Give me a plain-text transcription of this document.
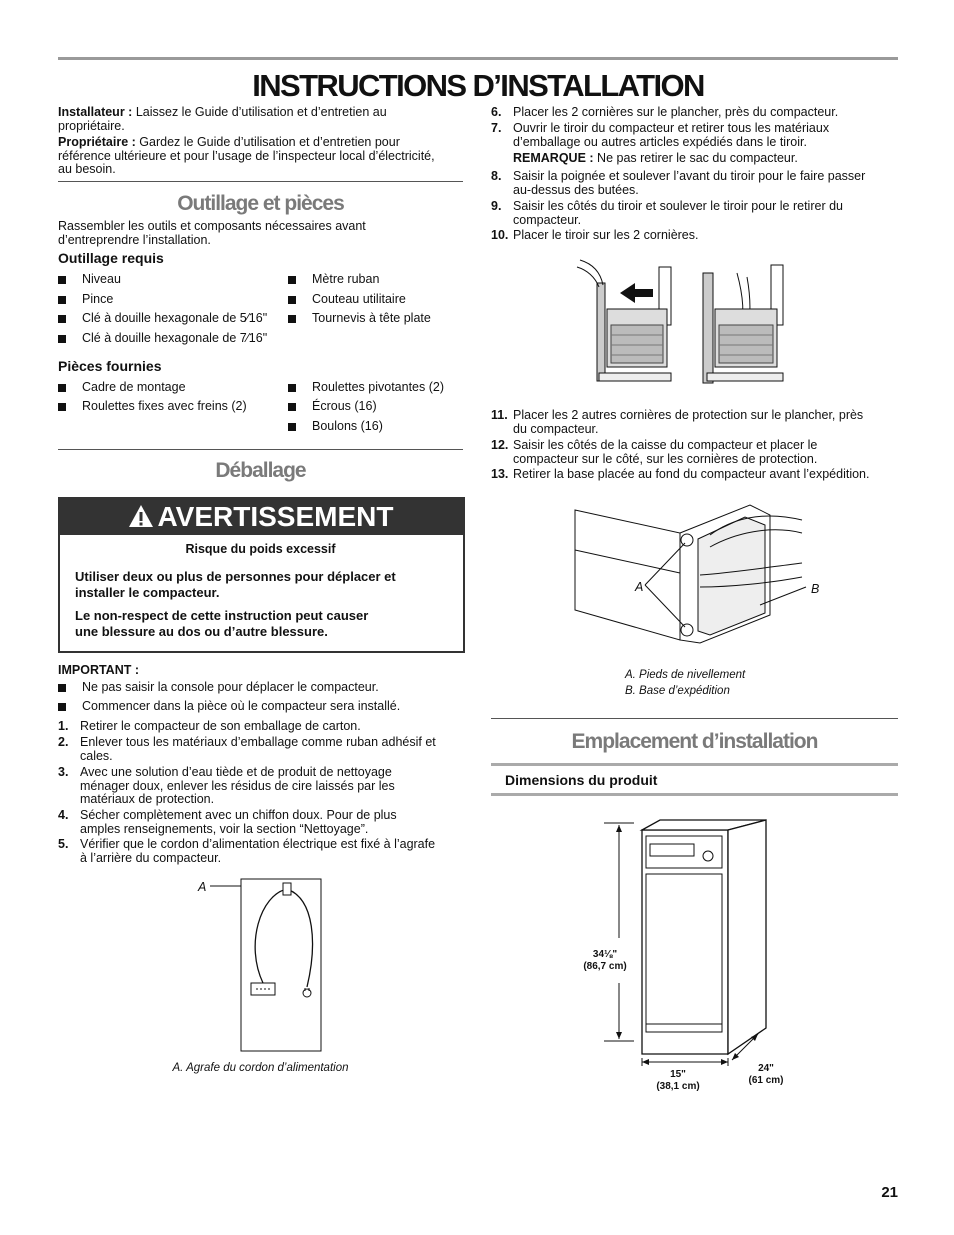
INSTRUCTIONS D’INSTALLATION
Installateur : Laissez le Guide d’utilisation et d’entretien au
propriétaire.
Propriétaire : Gardez le Guide d’utilisation et d’entretien pour
référence ultérieure et pour l’usage de l’inspecteur local d’électricité,
au besoin.
Outillage et pièces
Rassembler les outils et composants nécessaires avant
d’entreprendre l’installation.
Outillage requis
Niveau
Pince
Clé à douille hexagonale de 5⁄16"
Clé à douille hexagonale de 7⁄16"
Mètre ruban
Couteau utilitaire
Tournevis à tête plate
Pièces fournies
Cadre de montage
Roulettes fixes avec freins (2)
Roulettes pivotantes (2)
Écrous (16)
Boulons (16)
Déballage
AVERTISSEMENT
Risque du poids excessif
Utiliser deux ou plus de personnes pour déplacer et
installer le compacteur.
Le non-respect de cette instruction peut causer
une blessure au dos ou d’autre blessure.
IMPORTANT :
Ne pas saisir la console pour déplacer le compacteur.
Commencer dans la pièce où le compacteur sera installé.
1. Retirer le compacteur de son emballage de carton.
2. Enlever tous les matériaux d’emballage comme ruban adhésif et
cales.
3. Avec une solution d’eau tiède et de produit de nettoyage
ménager doux, enlever les résidus de cire laissés par les
matériaux de protection.
4. Sécher complètement avec un chiffon doux. Pour de plus
amples renseignements, voir la section “Nettoyage”.
5. Vérifier que le cordon d’alimentation électrique est fixé à l’agrafe
à l’arrière du compacteur.
A
A. Agrafe du cordon d’alimentation
6. Placer les 2 cornières sur le plancher, près du compacteur.
7. Ouvrir le tiroir du compacteur et retirer tous les matériaux
d’emballage ou autres articles expédiés dans le tiroir.
REMARQUE : Ne pas retirer le sac du compacteur.
8. Saisir la poignée et soulever l’avant du tiroir pour le faire passer
au-dessus des butées.
9. Saisir les côtés du tiroir et soulever le tiroir pour le retirer du
compacteur.
10. Placer le tiroir sur les 2 cornières.
11. Placer les 2 autres cornières de protection sur le plancher, près
du compacteur.
12. Saisir les côtés de la caisse du compacteur et placer le
compacteur sur le côté, sur les cornières de protection.
13. Retirer la base placée au fond du compacteur avant l’expédition.
A	B
A. Pieds de nivellement
B. Base d’expédition
Emplacement d’installation
Dimensions du produit
34⅛"
(86,7 cm)
15"
(38,1 cm)
24"
(61 cm)
21
